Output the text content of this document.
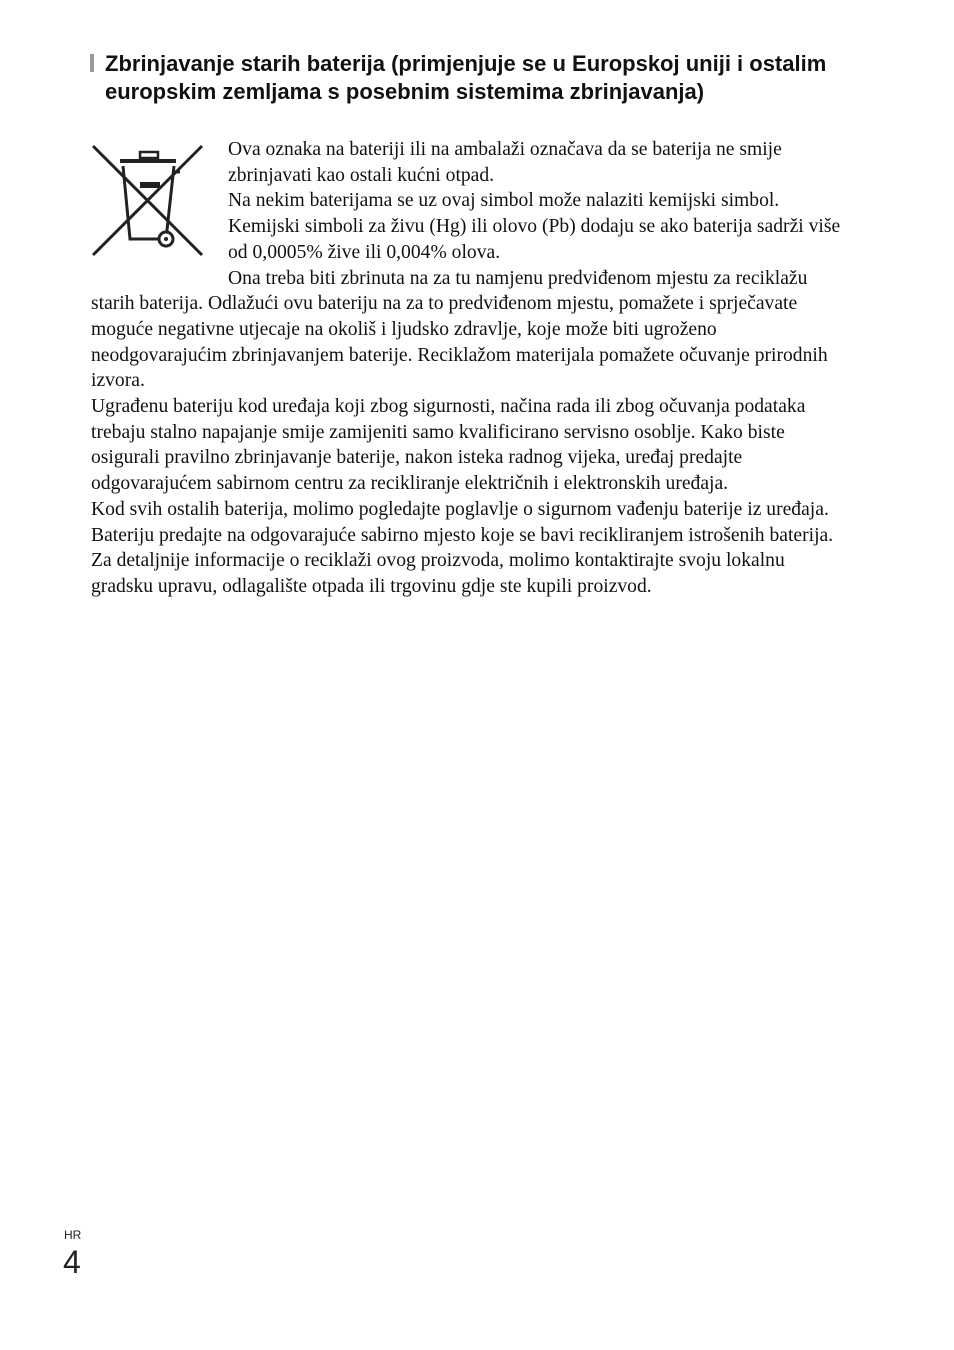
Zbrinjavanje starih baterija (primjenjuje se u Europskoj uniji i ostalim europskim zemljama s posebnim sistemima zbrinjavanja)

Ova oznaka na bateriji ili na ambalaži označava da se baterija ne smije zbrinjavati kao ostali kućni otpad.

Na nekim baterijama se uz ovaj simbol može nalaziti kemijski simbol. Kemijski simboli za živu (Hg) ili olovo (Pb) dodaju se ako baterija sadrži više od 0,0005% žive ili 0,004% olova.

Ona treba biti zbrinuta na za tu namjenu predviđenom mjestu za reciklažu starih baterija. Odlažući ovu bateriju na za to predviđenom mjestu, pomažete i sprječavate moguće negativne utjecaje na okoliš i ljudsko zdravlje, koje može biti ugroženo neodgovarajućim zbrinjavanjem baterije. Reciklažom materijala pomažete očuvanje prirodnih izvora.

Ugrađenu bateriju kod uređaja koji zbog sigurnosti, načina rada ili zbog očuvanja podataka trebaju stalno napajanje smije zamijeniti samo kvalificirano servisno osoblje. Kako biste osigurali pravilno zbrinjavanje baterije, nakon isteka radnog vijeka, uređaj predajte odgovarajućem sabirnom centru za recikliranje električnih i elektronskih uređaja.

Kod svih ostalih baterija, molimo pogledajte poglavlje o sigurnom vađenju baterije iz uređaja.

Bateriju predajte na odgovarajuće sabirno mjesto koje se bavi recikliranjem istrošenih baterija.

Za detaljnije informacije o reciklaži ovog proizvoda, molimo kontaktirajte svoju lokalnu gradsku upravu, odlagalište otpada ili trgovinu gdje ste kupili proizvod.

HR
4
